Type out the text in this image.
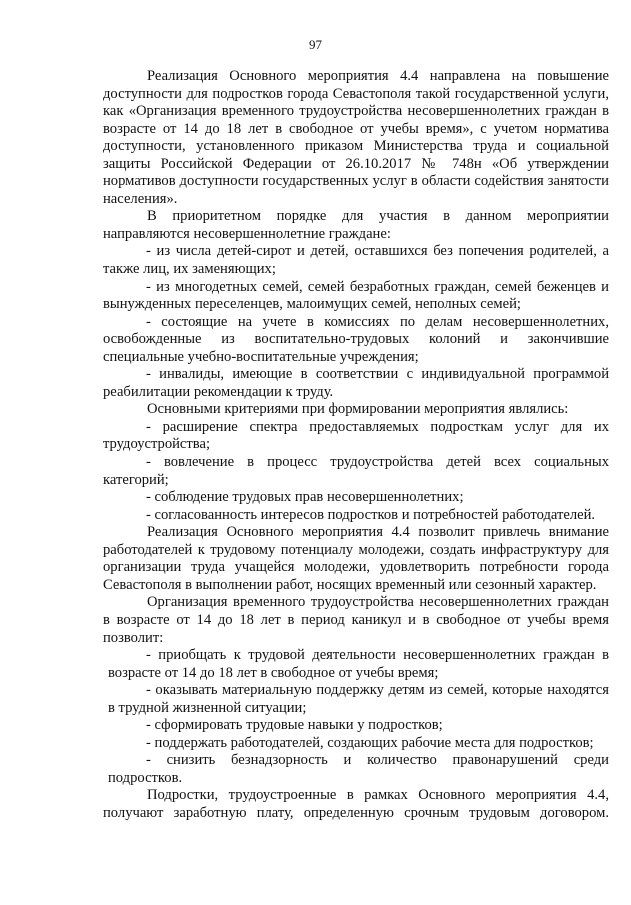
97

Реализация Основного мероприятия 4.4 направлена на повышение доступности для подростков города Севастополя такой государственной услуги, как «Организация временного трудоустройства несовершеннолетних граждан в возрасте от 14 до 18 лет в свободное от учебы время», с учетом норматива доступности, установленного приказом Министерства труда и социальной защиты Российской Федерации от 26.10.2017 № 748н «Об утверждении нормативов доступности государственных услуг в области содействия занятости населения».

В приоритетном порядке для участия в данном мероприятии направляются несовершеннолетние граждане:

- из числа детей-сирот и детей, оставшихся без попечения родителей, а также лиц, их заменяющих;

- из многодетных семей, семей безработных граждан, семей беженцев и вынужденных переселенцев, малоимущих семей, неполных семей;

- состоящие на учете в комиссиях по делам несовершеннолетних, освобожденные из воспитательно-трудовых колоний и закончившие специальные учебно-воспитательные учреждения;

- инвалиды, имеющие в соответствии с индивидуальной программой реабилитации рекомендации к труду.

Основными критериями при формировании мероприятия являлись:

- расширение спектра предоставляемых подросткам услуг для их трудоустройства;

- вовлечение в процесс трудоустройства детей всех социальных категорий;

- соблюдение трудовых прав несовершеннолетних;

- согласованность интересов подростков и потребностей работодателей.

Реализация Основного мероприятия 4.4 позволит привлечь внимание работодателей к трудовому потенциалу молодежи, создать инфраструктуру для организации труда учащейся молодежи, удовлетворить потребности города Севастополя в выполнении работ, носящих временный или сезонный характер.

Организация временного трудоустройства несовершеннолетних граждан в возрасте от 14 до 18 лет в период каникул и в свободное от учебы время позволит:

- приобщать к трудовой деятельности несовершеннолетних граждан в возрасте от 14 до 18 лет в свободное от учебы время;

- оказывать материальную поддержку детям из семей, которые находятся в трудной жизненной ситуации;

- сформировать трудовые навыки у подростков;

- поддержать работодателей, создающих рабочие места для подростков;

- снизить безнадзорность и количество правонарушений среди подростков.

Подростки, трудоустроенные в рамках Основного мероприятия 4.4, получают заработную плату, определенную срочным трудовым договором.
